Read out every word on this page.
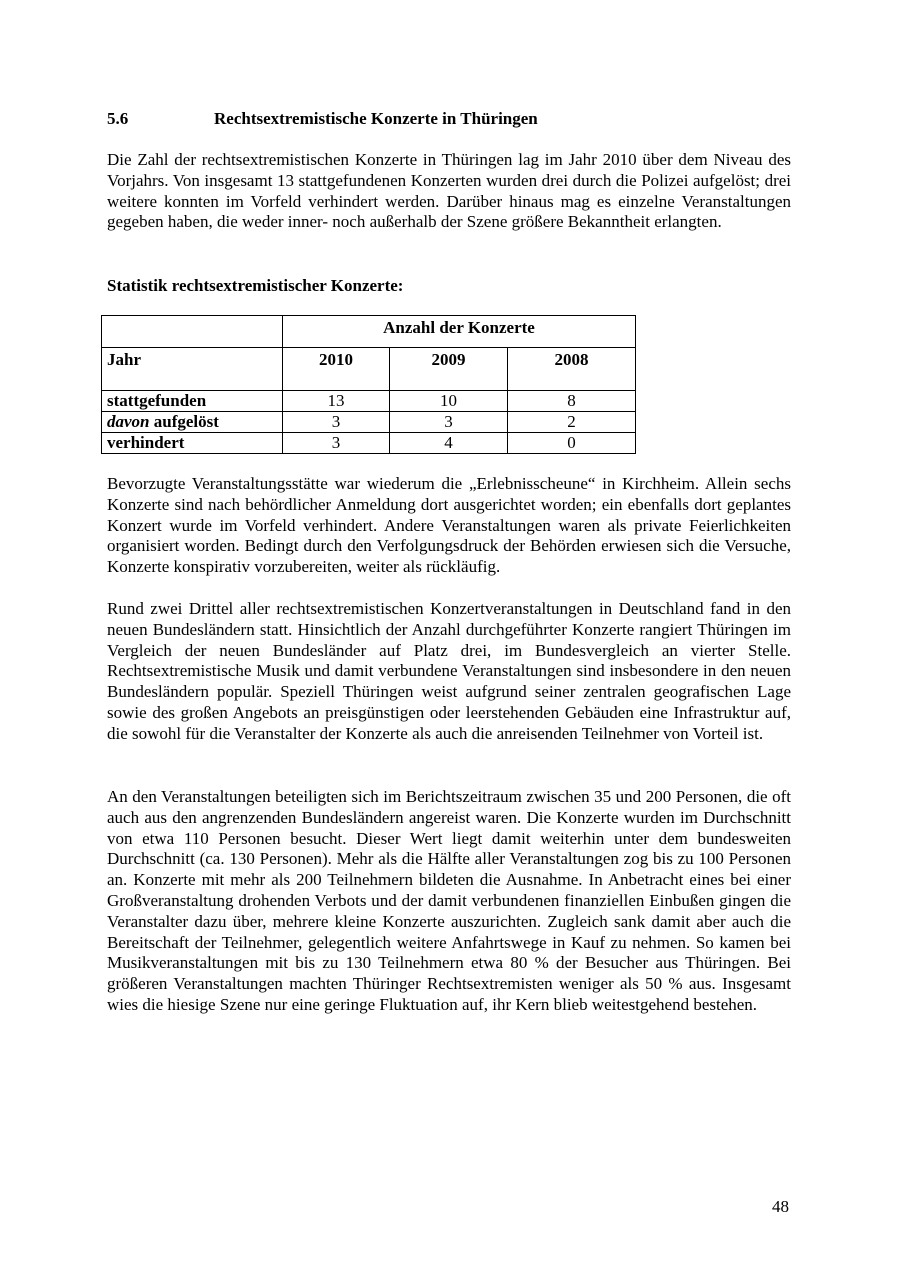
5.6	Rechtsextremistische Konzerte in Thüringen

Die Zahl der rechtsextremistischen Konzerte in Thüringen lag im Jahr 2010 über dem Niveau des Vorjahrs. Von insgesamt 13 stattgefundenen Konzerten wurden drei durch die Polizei aufgelöst; drei weitere konnten im Vorfeld verhindert werden. Darüber hinaus mag es einzelne Veranstaltungen gegeben haben, die weder inner- noch außerhalb der Szene größere Bekanntheit erlangten.

Statistik rechtsextremistischer Konzerte:
	Anzahl der Konzerte		
Jahr	2010	2009	2008
stattgefunden	13	10	8
davon aufgelöst	3	3	2
verhindert	3	4	0

Bevorzugte Veranstaltungsstätte war wiederum die „Erlebnisscheune“ in Kirchheim. Allein sechs Konzerte sind nach behördlicher Anmeldung dort ausgerichtet worden; ein ebenfalls dort geplantes Konzert wurde im Vorfeld verhindert. Andere Veranstaltungen waren als private Feierlichkeiten organisiert worden. Bedingt durch den Verfolgungsdruck der Behörden erwiesen sich die Versuche, Konzerte konspirativ vorzubereiten, weiter als rückläufig.

Rund zwei Drittel aller rechtsextremistischen Konzertveranstaltungen in Deutschland fand in den neuen Bundesländern statt. Hinsichtlich der Anzahl durchgeführter Konzerte rangiert Thüringen im Vergleich der neuen Bundesländer auf Platz drei, im Bundesvergleich an vierter Stelle. Rechtsextremistische Musik und damit verbundene Veranstaltungen sind insbesondere in den neuen Bundesländern populär. Speziell Thüringen weist aufgrund seiner zentralen geografischen Lage sowie des großen Angebots an preisgünstigen oder leerstehenden Gebäuden eine Infrastruktur auf, die sowohl für die Veranstalter der Konzerte als auch die anreisenden Teilnehmer von Vorteil ist.

An den Veranstaltungen beteiligten sich im Berichtszeitraum zwischen 35 und 200 Personen, die oft auch aus den angrenzenden Bundesländern angereist waren. Die Konzerte wurden im Durchschnitt von etwa 110 Personen besucht. Dieser Wert liegt damit weiterhin unter dem bundesweiten Durchschnitt (ca. 130 Personen). Mehr als die Hälfte aller Veranstaltungen zog bis zu 100 Personen an. Konzerte mit mehr als 200 Teilnehmern bildeten die Ausnahme. In Anbetracht eines bei einer Großveranstaltung drohenden Verbots und der damit verbundenen finanziellen Einbußen gingen die Veranstalter dazu über, mehrere kleine Konzerte auszurichten. Zugleich sank damit aber auch die Bereitschaft der Teilnehmer, gelegentlich weitere Anfahrtswege in Kauf zu nehmen. So kamen bei Musikveranstaltungen mit bis zu 130 Teilnehmern etwa 80 % der Besucher aus Thüringen. Bei größeren Veranstaltungen machten Thüringer Rechtsextremisten weniger als 50 % aus. Insgesamt wies die hiesige Szene nur eine geringe Fluktuation auf, ihr Kern blieb weitestgehend bestehen.

48
